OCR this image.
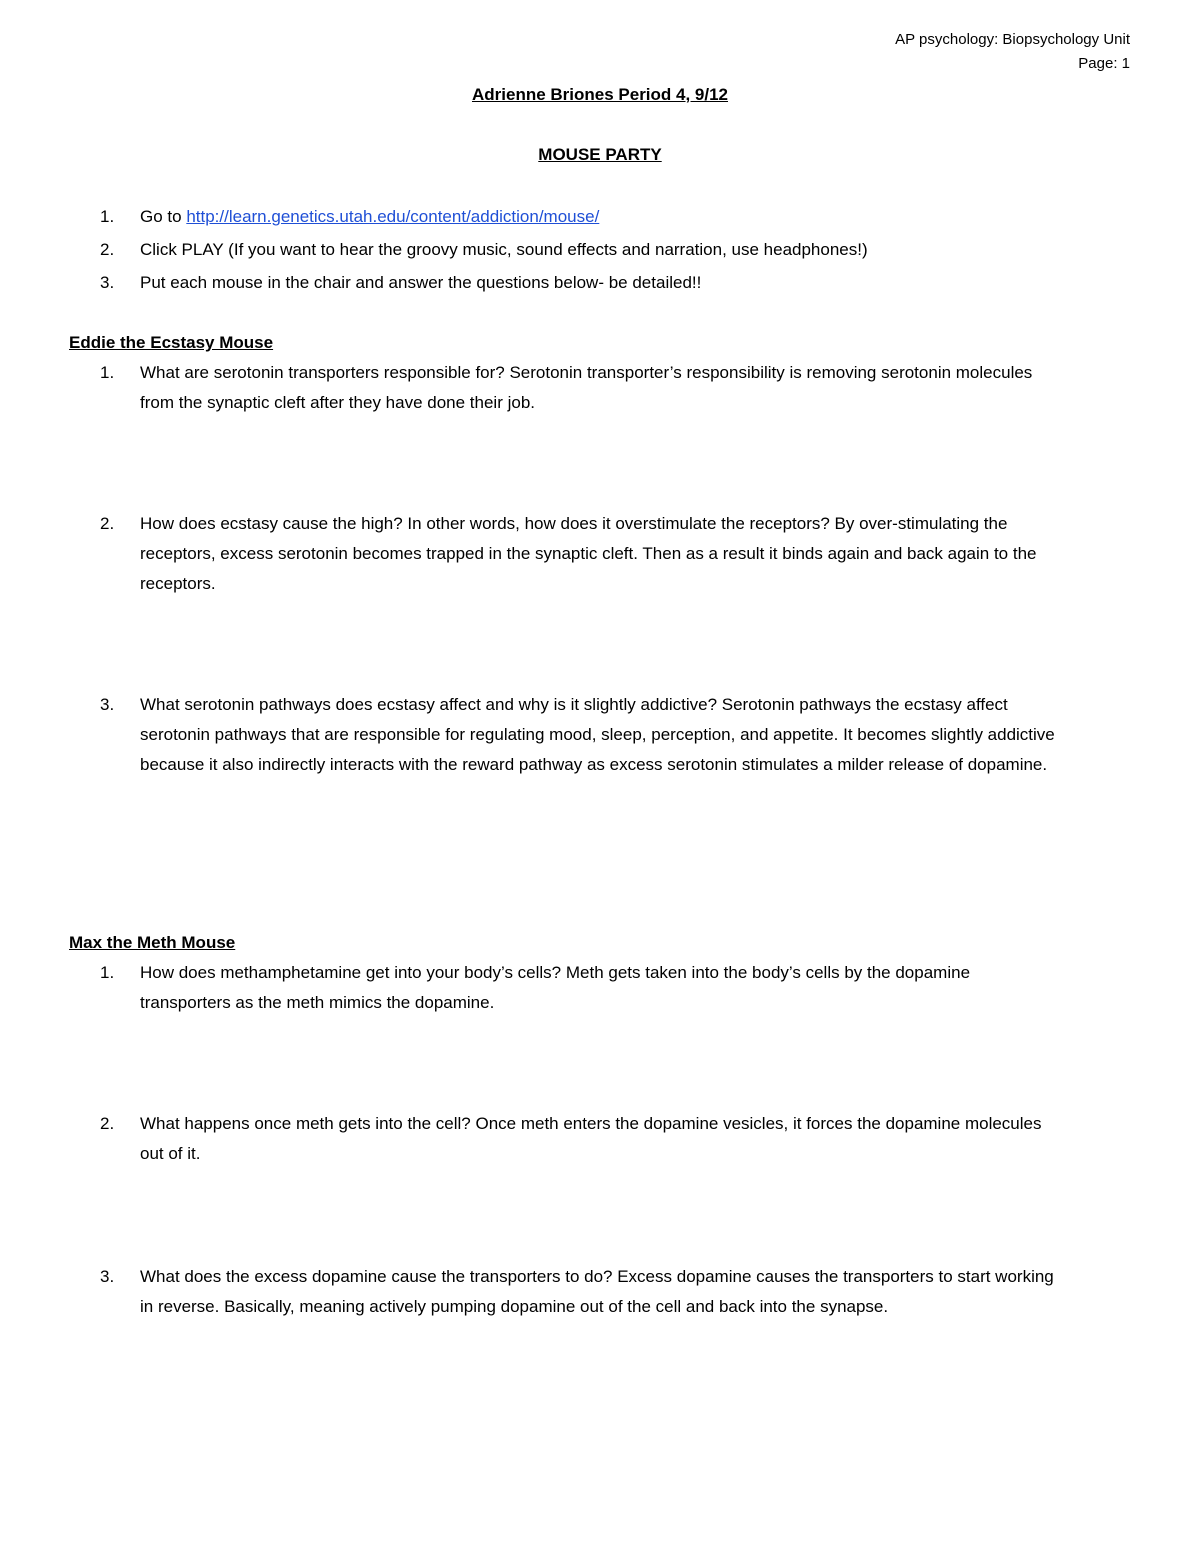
AP psychology: Biopsychology Unit
Page: 1
Adrienne Briones Period 4, 9/12
MOUSE PARTY
1. Go to http://learn.genetics.utah.edu/content/addiction/mouse/
2. Click PLAY (If you want to hear the groovy music, sound effects and narration, use headphones!)
3. Put each mouse in the chair and answer the questions below- be detailed!!
Eddie the Ecstasy Mouse
1. What are serotonin transporters responsible for? Serotonin transporter’s responsibility is removing serotonin molecules from the synaptic cleft after they have done their job.
2. How does ecstasy cause the high? In other words, how does it overstimulate the receptors? By over-stimulating the receptors, excess serotonin becomes trapped in the synaptic cleft. Then as a result it binds again and back again to the receptors.
3. What serotonin pathways does ecstasy affect and why is it slightly addictive? Serotonin pathways the ecstasy affect serotonin pathways that are responsible for regulating mood, sleep, perception, and appetite. It becomes slightly addictive because it also indirectly interacts with the reward pathway as excess serotonin stimulates a milder release of dopamine.
Max the Meth Mouse
1. How does methamphetamine get into your body’s cells? Meth gets taken into the body’s cells by the dopamine transporters as the meth mimics the dopamine.
2. What happens once meth gets into the cell? Once meth enters the dopamine vesicles, it forces the dopamine molecules out of it.
3. What does the excess dopamine cause the transporters to do? Excess dopamine causes the transporters to start working in reverse. Basically, meaning actively pumping dopamine out of the cell and back into the synapse.
